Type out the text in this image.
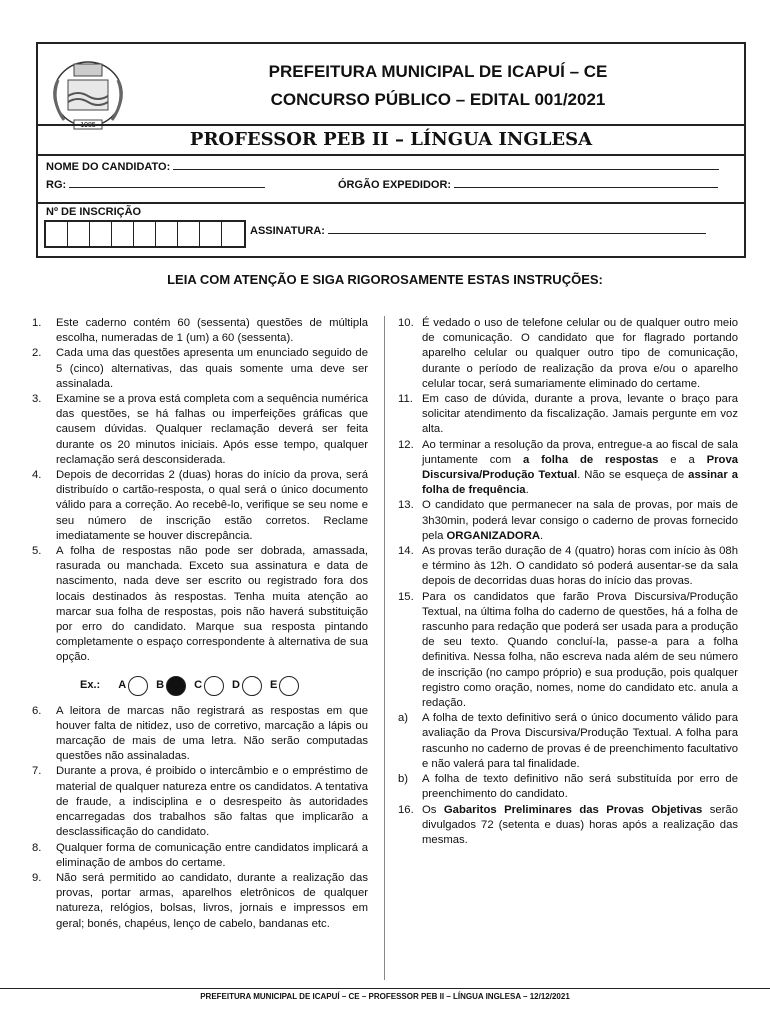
1985
PREFEITURA MUNICIPAL DE ICAPUÍ – CE
CONCURSO PÚBLICO – EDITAL 001/2021
PROFESSOR PEB II – LÍNGUA INGLESA
NOME DO CANDIDATO:
RG:	ÓRGÃO EXPEDIDOR:
Nº DE INSCRIÇÃO
ASSINATURA:
LEIA COM ATENÇÃO E SIGA RIGOROSAMENTE ESTAS INSTRUÇÕES:
1.	Este caderno contém 60 (sessenta) questões de múltipla escolha, numeradas de 1 (um) a 60 (sessenta).
2.	Cada uma das questões apresenta um enunciado seguido de 5 (cinco) alternativas, das quais somente uma deve ser assinalada.
3.	Examine se a prova está completa com a sequência numérica das questões, se há falhas ou imperfeições gráficas que causem dúvidas. Qualquer reclamação deverá ser feita durante os 20 minutos iniciais. Após esse tempo, qualquer reclamação será desconsiderada.
4.	Depois de decorridas 2 (duas) horas do início da prova, será distribuído o cartão-resposta, o qual será o único documento válido para a correção. Ao recebê-lo, verifique se seu nome e seu número de inscrição estão corretos. Reclame imediatamente se houver discrepância.
5.	A folha de respostas não pode ser dobrada, amassada, rasurada ou manchada. Exceto sua assinatura e data de nascimento, nada deve ser escrito ou registrado fora dos locais destinados às respostas. Tenha muita atenção ao marcar sua folha de respostas, pois não haverá substituição por erro do candidato. Marque sua resposta pintando completamente o espaço correspondente à alternativa de sua opção.
Ex.: A	B	C	D	E
6.	A leitora de marcas não registrará as respostas em que houver falta de nitidez, uso de corretivo, marcação a lápis ou marcação de mais de uma letra. Não serão computadas questões não assinaladas.
7.	Durante a prova, é proibido o intercâmbio e o empréstimo de material de qualquer natureza entre os candidatos. A tentativa de fraude, a indisciplina e o desrespeito às autoridades encarregadas dos trabalhos são faltas que implicarão a desclassificação do candidato.
8.	Qualquer forma de comunicação entre candidatos implicará a eliminação de ambos do certame.
9.	Não será permitido ao candidato, durante a realização das provas, portar armas, aparelhos eletrônicos de qualquer natureza, relógios, bolsas, livros, jornais e impressos em geral; bonés, chapéus, lenço de cabelo, bandanas etc.
10. É vedado o uso de telefone celular ou de qualquer outro meio de comunicação. O candidato que for flagrado portando aparelho celular ou qualquer outro tipo de comunicação, durante o período de realização da prova e/ou o aparelho celular tocar, será sumariamente eliminado do certame.
11. Em caso de dúvida, durante a prova, levante o braço para solicitar atendimento da fiscalização. Jamais pergunte em voz alta.
12. Ao terminar a resolução da prova, entregue-a ao fiscal de sala juntamente com a folha de respostas e a Prova Discursiva/Produção Textual. Não se esqueça de assinar a folha de frequência.
13. O candidato que permanecer na sala de provas, por mais de 3h30min, poderá levar consigo o caderno de provas fornecido pela ORGANIZADORA.
14. As provas terão duração de 4 (quatro) horas com início às 08h e término às 12h. O candidato só poderá ausentar-se da sala depois de decorridas duas horas do início das provas.
15. Para os candidatos que farão Prova Discursiva/Produção Textual, na última folha do caderno de questões, há a folha de rascunho para redação que poderá ser usada para a produção de seu texto. Quando concluí-la, passe-a para a folha definitiva. Nessa folha, não escreva nada além de seu número de inscrição (no campo próprio) e sua produção, pois qualquer registro como oração, nomes, nome do candidato etc. anula a redação.
a)	A folha de texto definitivo será o único documento válido para avaliação da Prova Discursiva/Produção Textual. A folha para rascunho no caderno de provas é de preenchimento facultativo e não valerá para tal finalidade.
b)	A folha de texto definitivo não será substituída por erro de preenchimento do candidato.
16. Os Gabaritos Preliminares das Provas Objetivas serão divulgados 72 (setenta e duas) horas após a realização das mesmas.
PREFEITURA MUNICIPAL DE ICAPUÍ – CE – PROFESSOR PEB II – LÍNGUA INGLESA – 12/12/2021
